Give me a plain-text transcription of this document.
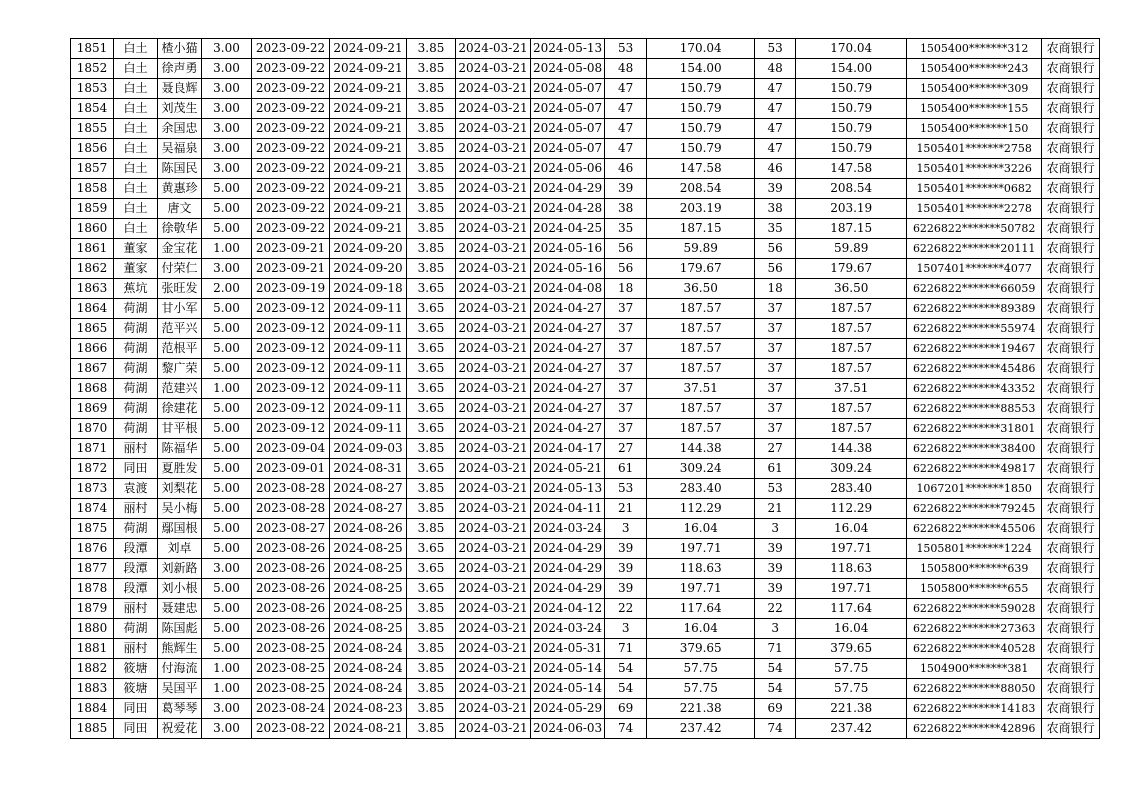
1851	白土	楂小猫	3.00	2023-09-22	2024-09-21	3.85	2024-03-21	2024-05-13	53	170.04	53	170.04	1505400*******312	农商银行
1852	白土	徐声勇	3.00	2023-09-22	2024-09-21	3.85	2024-03-21	2024-05-08	48	154.00	48	154.00	1505400*******243	农商银行
1853	白土	聂良辉	3.00	2023-09-22	2024-09-21	3.85	2024-03-21	2024-05-07	47	150.79	47	150.79	1505400*******309	农商银行
1854	白土	刘茂生	3.00	2023-09-22	2024-09-21	3.85	2024-03-21	2024-05-07	47	150.79	47	150.79	1505400*******155	农商银行
1855	白土	余国忠	3.00	2023-09-22	2024-09-21	3.85	2024-03-21	2024-05-07	47	150.79	47	150.79	1505400*******150	农商银行
1856	白土	吴福泉	3.00	2023-09-22	2024-09-21	3.85	2024-03-21	2024-05-07	47	150.79	47	150.79	1505401*******2758	农商银行
1857	白土	陈国民	3.00	2023-09-22	2024-09-21	3.85	2024-03-21	2024-05-06	46	147.58	46	147.58	1505401*******3226	农商银行
1858	白土	黄惠珍	5.00	2023-09-22	2024-09-21	3.85	2024-03-21	2024-04-29	39	208.54	39	208.54	1505401*******0682	农商银行
1859	白土	唐文	5.00	2023-09-22	2024-09-21	3.85	2024-03-21	2024-04-28	38	203.19	38	203.19	1505401*******2278	农商银行
1860	白土	徐敬华	5.00	2023-09-22	2024-09-21	3.85	2024-03-21	2024-04-25	35	187.15	35	187.15	6226822*******50782	农商银行
1861	董家	金宝花	1.00	2023-09-21	2024-09-20	3.85	2024-03-21	2024-05-16	56	59.89	56	59.89	6226822*******20111	农商银行
1862	董家	付荣仁	3.00	2023-09-21	2024-09-20	3.85	2024-03-21	2024-05-16	56	179.67	56	179.67	1507401*******4077	农商银行
1863	蕉坑	张旺发	2.00	2023-09-19	2024-09-18	3.65	2024-03-21	2024-04-08	18	36.50	18	36.50	6226822*******66059	农商银行
1864	荷湖	甘小军	5.00	2023-09-12	2024-09-11	3.65	2024-03-21	2024-04-27	37	187.57	37	187.57	6226822*******89389	农商银行
1865	荷湖	范平兴	5.00	2023-09-12	2024-09-11	3.65	2024-03-21	2024-04-27	37	187.57	37	187.57	6226822*******55974	农商银行
1866	荷湖	范根平	5.00	2023-09-12	2024-09-11	3.65	2024-03-21	2024-04-27	37	187.57	37	187.57	6226822*******19467	农商银行
1867	荷湖	黎广荣	5.00	2023-09-12	2024-09-11	3.65	2024-03-21	2024-04-27	37	187.57	37	187.57	6226822*******45486	农商银行
1868	荷湖	范建兴	1.00	2023-09-12	2024-09-11	3.65	2024-03-21	2024-04-27	37	37.51	37	37.51	6226822*******43352	农商银行
1869	荷湖	徐建花	5.00	2023-09-12	2024-09-11	3.65	2024-03-21	2024-04-27	37	187.57	37	187.57	6226822*******88553	农商银行
1870	荷湖	甘平根	5.00	2023-09-12	2024-09-11	3.65	2024-03-21	2024-04-27	37	187.57	37	187.57	6226822*******31801	农商银行
1871	丽村	陈福华	5.00	2023-09-04	2024-09-03	3.85	2024-03-21	2024-04-17	27	144.38	27	144.38	6226822*******38400	农商银行
1872	同田	夏胜发	5.00	2023-09-01	2024-08-31	3.65	2024-03-21	2024-05-21	61	309.24	61	309.24	6226822*******49817	农商银行
1873	袁渡	刘梨花	5.00	2023-08-28	2024-08-27	3.85	2024-03-21	2024-05-13	53	283.40	53	283.40	1067201*******1850	农商银行
1874	丽村	吴小梅	5.00	2023-08-28	2024-08-27	3.85	2024-03-21	2024-04-11	21	112.29	21	112.29	6226822*******79245	农商银行
1875	荷湖	鄢国根	5.00	2023-08-27	2024-08-26	3.85	2024-03-21	2024-03-24	3	16.04	3	16.04	6226822*******45506	农商银行
1876	段潭	刘卓	5.00	2023-08-26	2024-08-25	3.65	2024-03-21	2024-04-29	39	197.71	39	197.71	1505801*******1224	农商银行
1877	段潭	刘新路	3.00	2023-08-26	2024-08-25	3.65	2024-03-21	2024-04-29	39	118.63	39	118.63	1505800*******639	农商银行
1878	段潭	刘小根	5.00	2023-08-26	2024-08-25	3.65	2024-03-21	2024-04-29	39	197.71	39	197.71	1505800*******655	农商银行
1879	丽村	聂建忠	5.00	2023-08-26	2024-08-25	3.85	2024-03-21	2024-04-12	22	117.64	22	117.64	6226822*******59028	农商银行
1880	荷湖	陈国彪	5.00	2023-08-26	2024-08-25	3.85	2024-03-21	2024-03-24	3	16.04	3	16.04	6226822*******27363	农商银行
1881	丽村	熊辉生	5.00	2023-08-25	2024-08-24	3.85	2024-03-21	2024-05-31	71	379.65	71	379.65	6226822*******40528	农商银行
1882	筱塘	付海流	1.00	2023-08-25	2024-08-24	3.85	2024-03-21	2024-05-14	54	57.75	54	57.75	1504900*******381	农商银行
1883	筱塘	吴国平	1.00	2023-08-25	2024-08-24	3.85	2024-03-21	2024-05-14	54	57.75	54	57.75	6226822*******88050	农商银行
1884	同田	葛琴琴	3.00	2023-08-24	2024-08-23	3.85	2024-03-21	2024-05-29	69	221.38	69	221.38	6226822*******14183	农商银行
1885	同田	祝爱花	3.00	2023-08-22	2024-08-21	3.85	2024-03-21	2024-06-03	74	237.42	74	237.42	6226822*******42896	农商银行
